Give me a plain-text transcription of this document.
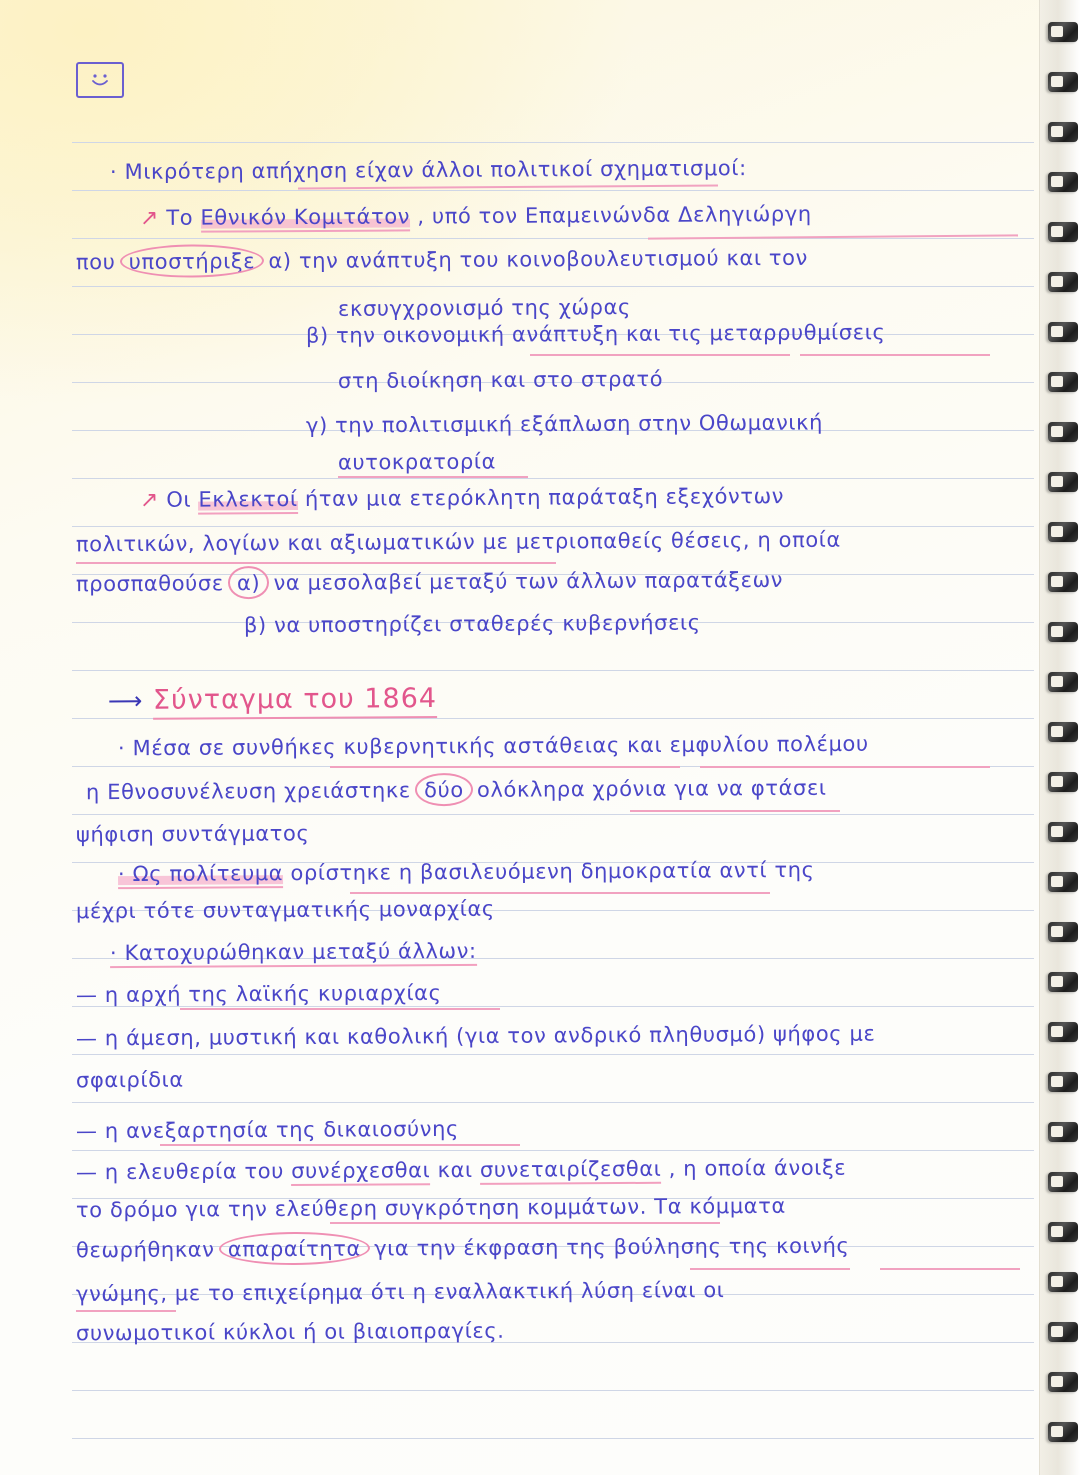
· Μικρότερη απήχηση είχαν άλλοι πολιτικοί σχηματισμοί:
↗ Το Εθνικόν Κομιτάτον , υπό τον Επαμεινώνδα Δεληγιώργη
που υποστήριξε α) την ανάπτυξη του κοινοβουλευτισμού και τον
εκσυγχρονισμό της χώρας
β) την οικονομική ανάπτυξη και τις μεταρρυθμίσεις
στη διοίκηση και στο στρατό
γ) την πολιτισμική εξάπλωση στην Οθωμανική
αυτοκρατορία
↗ Οι Εκλεκτοί ήταν μια ετερόκλητη παράταξη εξεχόντων
πολιτικών, λογίων και αξιωματικών με μετριοπαθείς θέσεις, η οποία
προσπαθούσε α) να μεσολαβεί μεταξύ των άλλων παρατάξεων
β) να υποστηρίζει σταθερές κυβερνήσεις
⟶ Σύνταγμα του 1864
· Μέσα σε συνθήκες κυβερνητικής αστάθειας και εμφυλίου πολέμου
η Εθνοσυνέλευση χρειάστηκε δύο ολόκληρα χρόνια για να φτάσει
ψήφιση συντάγματος
· Ως πολίτευμα ορίστηκε η βασιλευόμενη δημοκρατία αντί της
μέχρι τότε συνταγματικής μοναρχίας
· Κατοχυρώθηκαν μεταξύ άλλων:
— η αρχή της λαϊκής κυριαρχίας
— η άμεση, μυστική και καθολική (για τον ανδρικό πληθυσμό) ψήφος με
σφαιρίδια
— η ανεξαρτησία της δικαιοσύνης
— η ελευθερία του συνέρχεσθαι και συνεταιρίζεσθαι , η οποία άνοιξε
το δρόμο για την ελεύθερη συγκρότηση κομμάτων. Τα κόμματα
θεωρήθηκαν απαραίτητα για την έκφραση της βούλησης της κοινής
γνώμης, με το επιχείρημα ότι η εναλλακτική λύση είναι οι
συνωμοτικοί κύκλοι ή οι βιαιοπραγίες.
